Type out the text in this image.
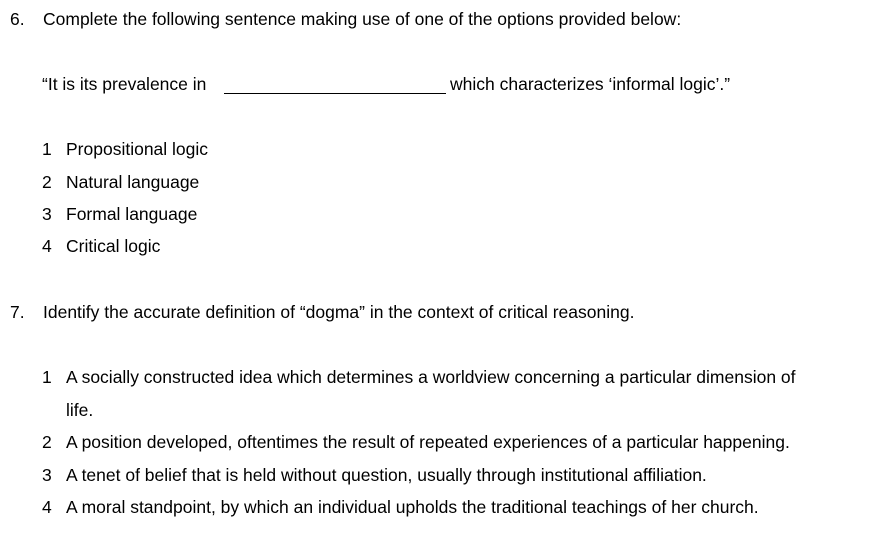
6. Complete the following sentence making use of one of the options provided below:
“It is its prevalence in	which characterizes ‘informal logic’.”
1 Propositional logic
2 Natural language
3 Formal language
4 Critical logic
7. Identify the accurate definition of “dogma” in the context of critical reasoning.
1 A socially constructed idea which determines a worldview concerning a particular dimension of
life.
2 A position developed, oftentimes the result of repeated experiences of a particular happening.
3 A tenet of belief that is held without question, usually through institutional affiliation.
4 A moral standpoint, by which an individual upholds the traditional teachings of her church.
